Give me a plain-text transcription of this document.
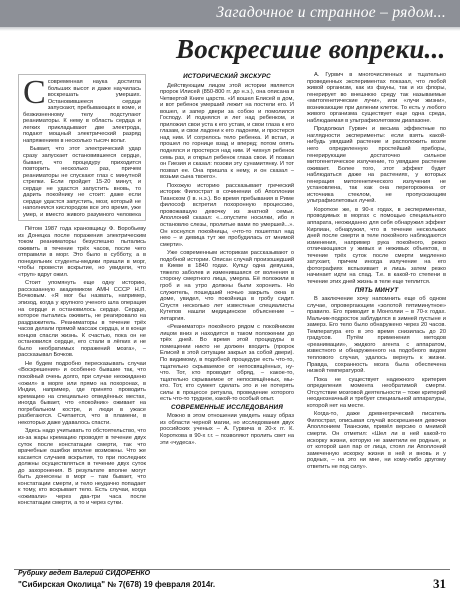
Загадочное и странное – рядом...
Воскресшие вопреки...

Ссовременная наука достигла больших высот и даже научилась воскрешать умерших. Остановившееся сердце запускают, пребывающих в коме, и безжизненному телу подступают реаниматоры. К нему в область сердца и легких прикладывают две электрода, подают мощный электрический разряд напряжением в несколько тысяч вольт.

Бывает, что этот электрический удар сразу запускает остановившееся сердце, бывает, что процедуру приходится повторить несколько раз, причем реаниматоры не спускают глаз с минутной стрелки. Если пройдет 15-20 минут, и сердце не удастся запустить вновь, то дарить покойнику не стоит: даже если сердце удастся запустить, мозг, который не наполнялся кислородом все это время, уже умер, и вместо живого разумного человека

Пётом 1987 года крановщицу Ф. Воробьеву из Донецка после поражения электрическим током реаниматоры безуспешно пытались оживить в течение трёх часов, после чего отправили в морг. Это было в субботу, а в понедельник студенты-медики пришли в морг, чтобы провести вскрытие, но увидели, что «труп» вдруг ожил.

Стоит упомянуть еще одну историю, рассказанную академиком АМН СССР Н.П. Бочковым. «Я мог бы назвать, например, эпизод, когда у крупного ученого шла операция на сердце и остановилось сердце. Сердце, которое пытались оживить, не реагировало на раздражитель. Реаниматоры в течение трёх часов делали прямой массаж сердца, и в конце концов спасли жизнь. К счастью, пока он не остановился сердце, его стали в лёгких и не было необратимых поражений мозга», – рассказывал Бочков.

Не будем подробно пересказывать случаи «Воскрешения» и особенно бывшие так, что покойный очень долго, при случае неожиданно «ожил» в морге или прямо на похоронах, в Индии, например, где принято проводить кремацию на специально отведённых местах, иногда бывает, что «покойник» оживает на погребальном костре, и люди в ужасе разбегаются. Считается, что в пламени, в некоторых даже удавалось спасти.

Здесь надо учитывать то обстоятельство, что из-за жары кремацию проводят в течение двух суток после констатации смерти, так что врачебные ошибки вполне возможны. Что же касается случаев вскрытия, то при последних должны осуществляться в течение двух суток до захоронения. В результате вполне могут быть донесены в морг – там бывает, что констатации смерти, и тело неудачно попадает к тому, кто вскрывает тело. Есть случаи, когда «оживали» через два-три часа после констатации смерти, а то и через сутки.

ИСТОРИЧЕСКИЙ ЭКСКУРС

Действующим лицом этой истории является пророк Илисей (850-800 гг. до н.э.), она описана в Четвертой Книге царств. «И вошел Елисей в дом, и вот ребенок умерший лежит на постели его. И вошел, и запер двери за собою и помолился Господу. И поднялся и лег над ребенком, и приложил свои уста к его устам, и свои глаза к его глазам, и свои ладони к его ладоням, и простерся над ним. И согрелось тело ребенка. И встал, и прошел по горнице взад и вперед; потом опять поднялся и простерся над ним. И чихнул ребенок семь раз, и открыл ребенок глаза свои. И позвал он Гиезия и сказал: позови эту сунамитянку. И тот позвал ее. Она пришла к нему, и он сказал – возьми сына твоего».

Похожую историю рассказывает греческий историк Филострат в сочинении об Аполлонии Тианском (I в. н.э.). Во время пребывания в Риме философ встретил похоронную процессию, провожавшую девочку из знатной семьи. Аполлоний сказал: «...опустите носилки, ибо я остановлю слезы, пролитые вами по умершей...». Он коснулся покойницы, «что-то пошептал над нею – и девица тут же пробудилась от мнимой смерти».

Уже современным историкам рассказывают о подобной истории. Описан случай произошедший в Киеве в 1840 годах. Купцу одна девушка, тяжело заболев и изменившаяся от волнения в сторону смертного лица, умерла. Её положили в гроб и на утро должны были хоронить. Но служитель, пошедший ночью закрыть окна в доме, увидел, что покойница в гробу сидит. Спустя несколько лет известные специалисты Кутепов нашли медицинское объяснение – летаргия.

«Реаниматор» покойного рядом с покойником лицом вниз и находится в таком положении до трёх дней. Во время этой процедуры в помещении никто не должен входить (пророк Елисей в этой ситуации закрыл за собой двери). По видимому, в подобной процедуре есть что-то, тщательно скрываемое от непосвящённых, ну-что. Тот, кто проводит обряд, – какое-то, тщательно скрываемое от непосвящённых, мы-кто. Тот, кто сумеет сделать это и не потерять силы в процессе ритуала, проведение которого есть что-то трудное, какой-то особый опыт.

СОВРЕМЕННЫЕ ИССЛЕДОВАНИЯ

Можно в этом отношении увидеть нашу образ из области черной магии, но исследования двух российских ученых – А. Гурвича в 20-х гг. К. Короткова в 90-х г.г. – позволяют пролить свет на эти «чудеса».

А. Гурвич в многочисленных и тщательно проведенных экспериментах показал, что любой живой организм, как из фауны, так и из флоры, генерирует во внешнюю среду так называемые «митогенетические лучи», или «лучи жизни», возникающие при делении клеток. То есть у любого живого организма существует еще одна среда, наблюдаемая в ультрафиолетовом диапазоне.

Продолжал Гурвич и весьма эффектные по наглядности эксперименты: если взять какой-нибудь увядший растение и расположить возле него определенную простейший приборы, генерирующие достаточно сильное митогенетическое излучение, то увядшее растение оживает. Более того, этот эффект будет наблюдаться даже на растениях, у которых генерация митогенетического излучения не установлена, так как она перегорожена от источника стеклом, не пропускающим ультрафиолетовых лучей.

Короткое же, в 90-х годах, в экспериментах, проводимых в моргах с помощью специального аппарата, неожиданно для себя обнаружил эффект Кирлиан, обнаружил, что в течение нескольких дней после смерти в теле покойного наблюдаются изменения, например рука покойного, резко отличающаяся у живых и неживых объектов, в течение трёх суток после смерти медленно затухает, причем иногда излучение на его фотографиях вспыхивает и лишь затем резко начинает идти на спад. Т.е. в какой-то степени в течение этих дней жизнь в теле еще теплится.

ПЯТЬ МИНУТ

В заключение хочу напомнить еще об одном случае, опровергающем «золотой пятиминутное» правило. Его приводит в Монголии – в 70-х годах. Мальчик-подросток заблудился в зимней пустыне и замерз. Его тело было обнаружено через 20 часов. Температура его в это время снизилась до 20 градусов. Путём применения методов «реанимации», жидкого агента с аппаратом, известного и обнаруженного на подобного видом теплового случая, удалось вернуть к жизни. Правда, сохранность мозга была обеспечена низкой температурой.

Пока не существует надежного критерия определения момента необратимой смерти. Отсутствие мозговой деятельности – тоже критерий неоднозначный и требует специальной аппаратуры, которой нет на месте.

Когда-то, даже древнегреческий писатель Филострат, описывая случай воскрешения девочки Аполлонием Тианским, привёл версию о мнимой смерти. Он отметил: «Шел ли в ней какой-то искорку жизни, которую не заметили ее родные, и от которой шел пар от лица, стоял ли Аполлоний замеченную искорку жизни в ней и вновь и у родных, – на это ни мне, ни кому-либо другому ответить не под силу».

Рубрику ведет Валерий СИДОРЕНКО
"Сибирская Околица" № 7(678) 19 февраля 2014г.	31
